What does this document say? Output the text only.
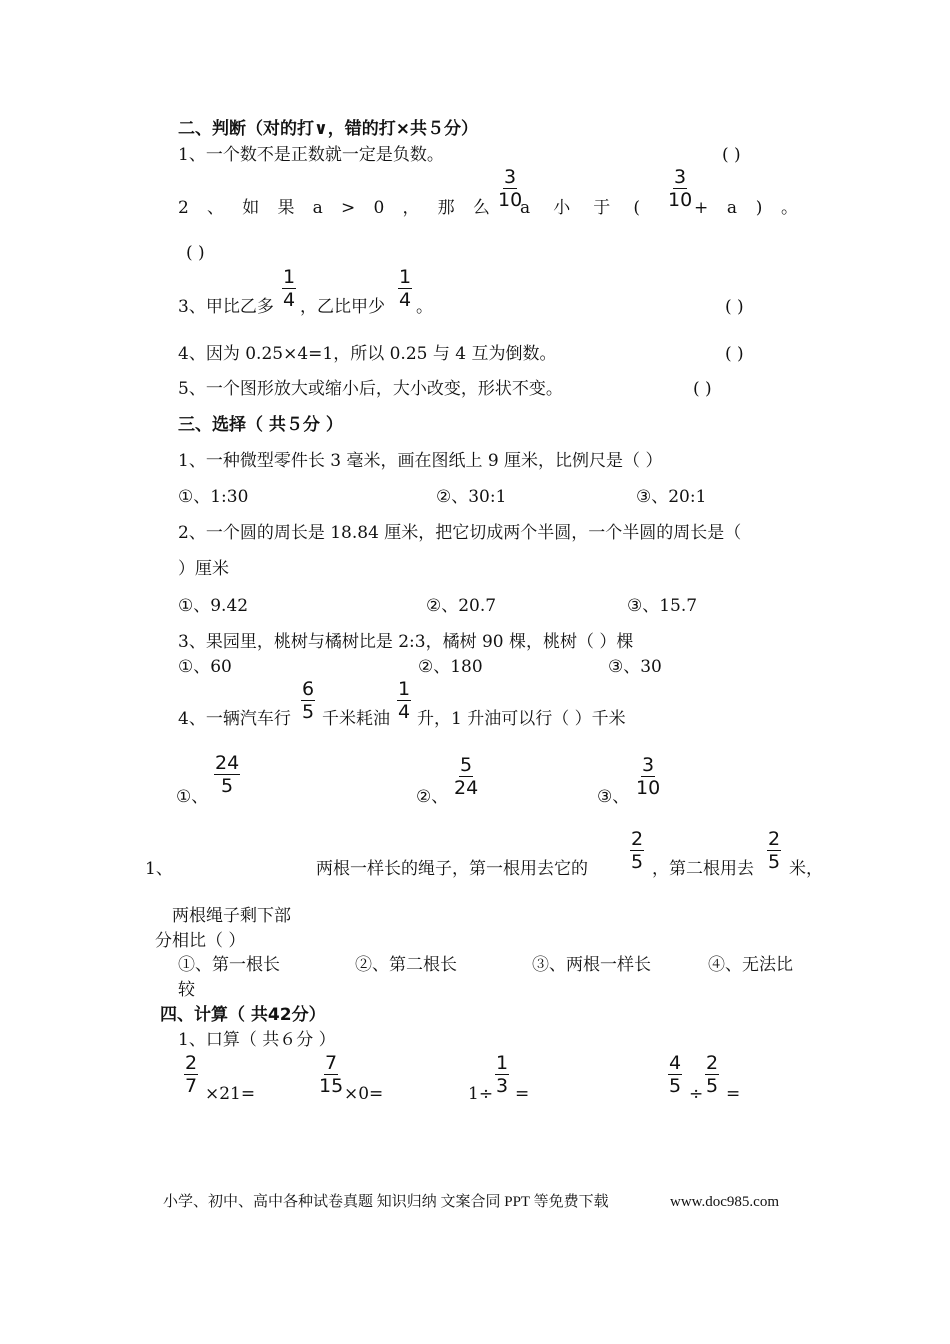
二、判断（对的打∨，错的打×共５分）
1、一个数不是正数就一定是负数。	( )
2 、 如 果 a > 0 ， 那 么 $\frac{3}{10}$
a 小 于 ( $\frac{3}{10} + a$ ) 。
( )
3、甲比乙多 $\frac{1}{4}$ ，乙比甲少 $\frac{1}{4}$ 。	( )
4、因为 0.25×4=1，所以 0.25 与 4 互为倒数。	( )
5、一个图形放大或缩小后，大小改变，形状不变。	( )
三、选择（ 共５分 ）
1、一种微型零件长 3 毫米，画在图纸上 9 厘米，比例尺是（ ）
①、1:30	②、30:1	③、20:1
2、一个圆的周长是 18.84 厘米，把它切成两个半圆，一个半圆的周长是（
）厘米
①、9.42	②、20.7	③、15.7
3、果园里，桃树与橘树比是 2:3，橘树 90 棵，桃树（ ）棵
①、60	②、180	③、30
4、一辆汽车行 $\frac{6}{5}$ 千米耗油 $\frac{1}{4}$ 升，1 升油可以行（ ）千米
①、 $\frac{24}{5}$	②、 $\frac{5}{24}$	③、 $\frac{3}{10}$
1、	两根一样长的绳子，第一根用去它的 $\frac{2}{5}$ ，第二根用去 $\frac{2}{5}$ 米，
两根绳子剩下部
分相比（ ）
①、第一根长	②、第二根长	③、两根一样长	④、无法比
较
四、计算（ 共42分）
1、口算（ 共６分 ）
$\frac{2}{7} \times 21=$	$\frac{7}{15} \times 0=$	$1\div \frac{1}{3}$ =	$\frac{4}{5} \div \frac{2}{5}$ =
小学、初中、高中各种试卷真题 知识归纳 文案合同 PPT 等免费下载	www.doc985.com
